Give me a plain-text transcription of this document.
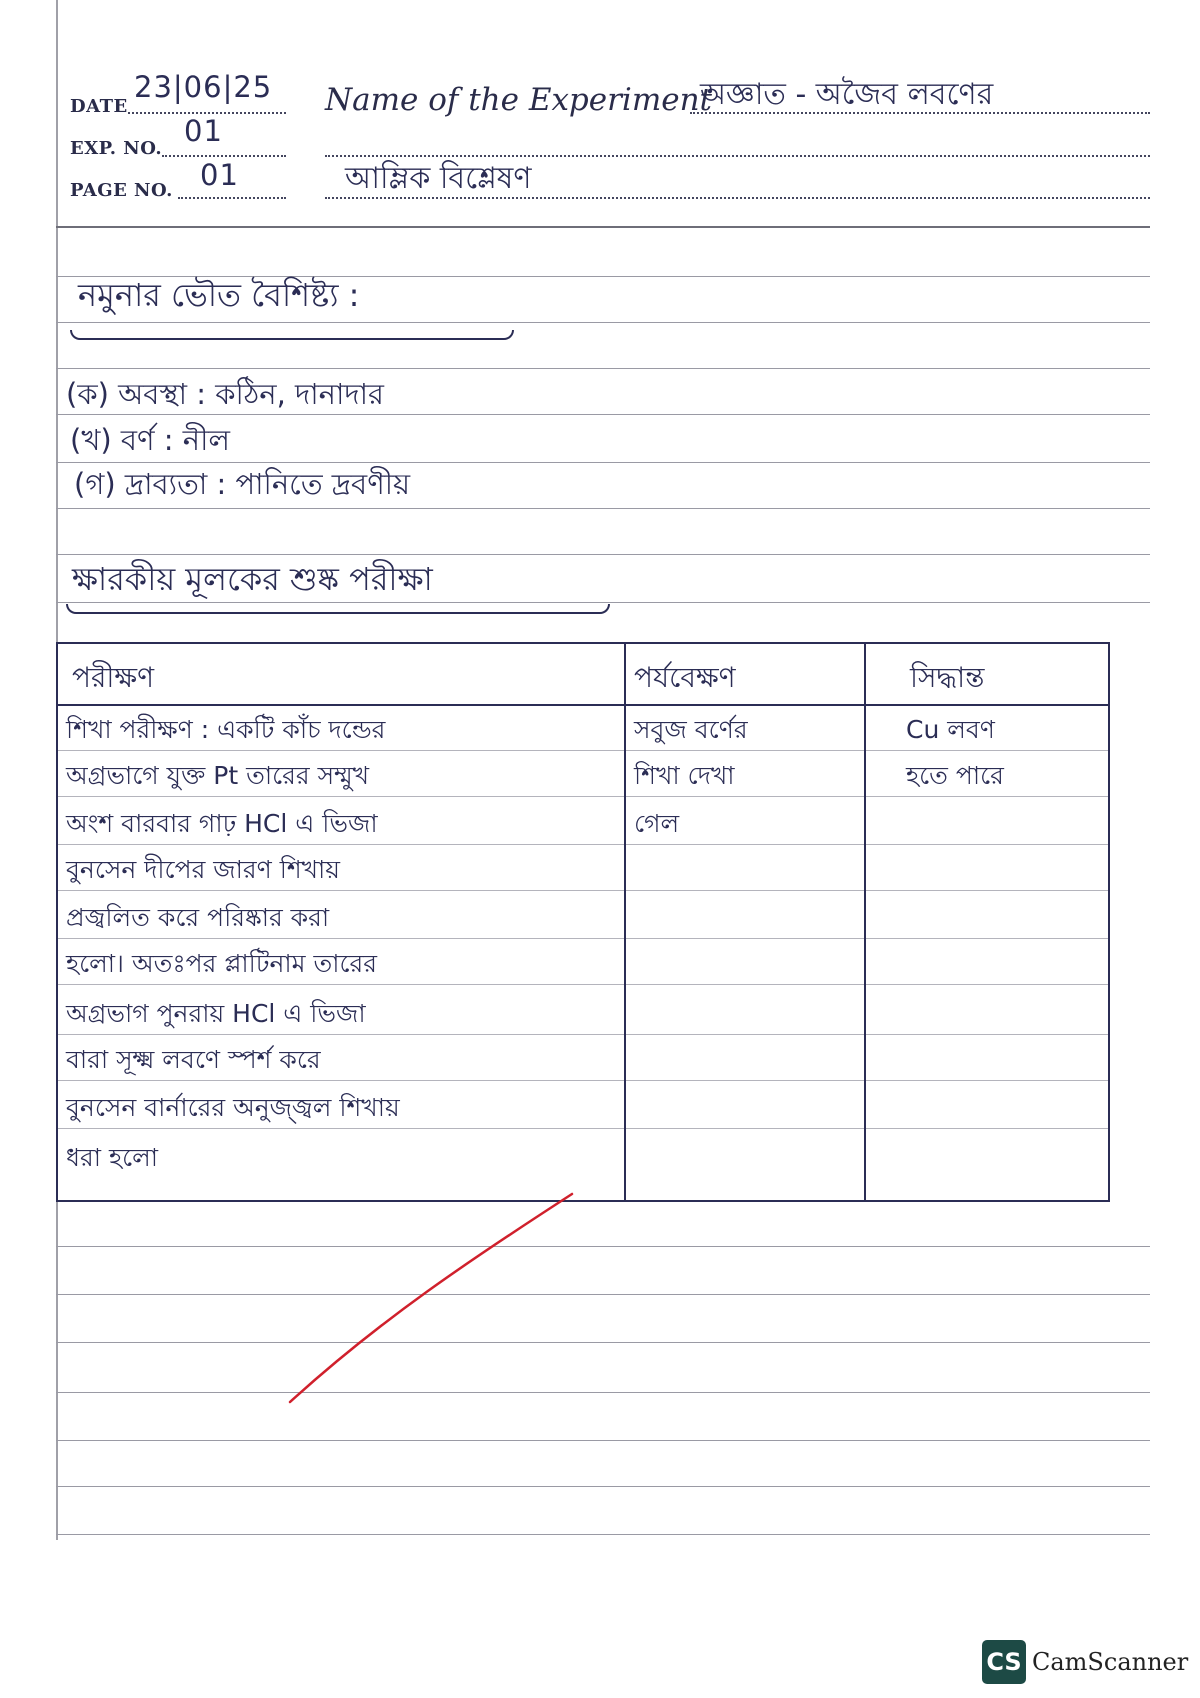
DATE
23|06|25
EXP. NO.
01
PAGE NO. 01
Name of the Experiment
অজ্ঞাত - অজৈব লবণের
আম্লিক বিশ্লেষণ
নমুনার ভৌত বৈশিষ্ট্য :
(ক) অবস্থা : কঠিন, দানাদার
(খ) বর্ণ : নীল
(গ) দ্রাব্যতা : পানিতে দ্রবণীয়
ক্ষারকীয় মূলকের শুষ্ক পরীক্ষা
পরীক্ষণ	পর্যবেক্ষণ	সিদ্ধান্ত
শিখা পরীক্ষণ : একটি কাঁচ দন্ডের
অগ্রভাগে যুক্ত Pt তারের সম্মুখ
অংশ বারবার গাঢ় HCl এ ভিজা
বুনসেন দীপের জারণ শিখায়
প্রজ্বলিত করে পরিষ্কার করা
হলো। অতঃপর প্লাটিনাম তারের
অগ্রভাগ পুনরায় HCl এ ভিজা
বারা সূক্ষ্ম লবণে স্পর্শ করে
বুনসেন বার্নারের অনুজ্জ্বল শিখায়
ধরা হলো
সবুজ বর্ণের
শিখা দেখা
গেল
Cu লবণ
হতে পারে
CS CamScanner
